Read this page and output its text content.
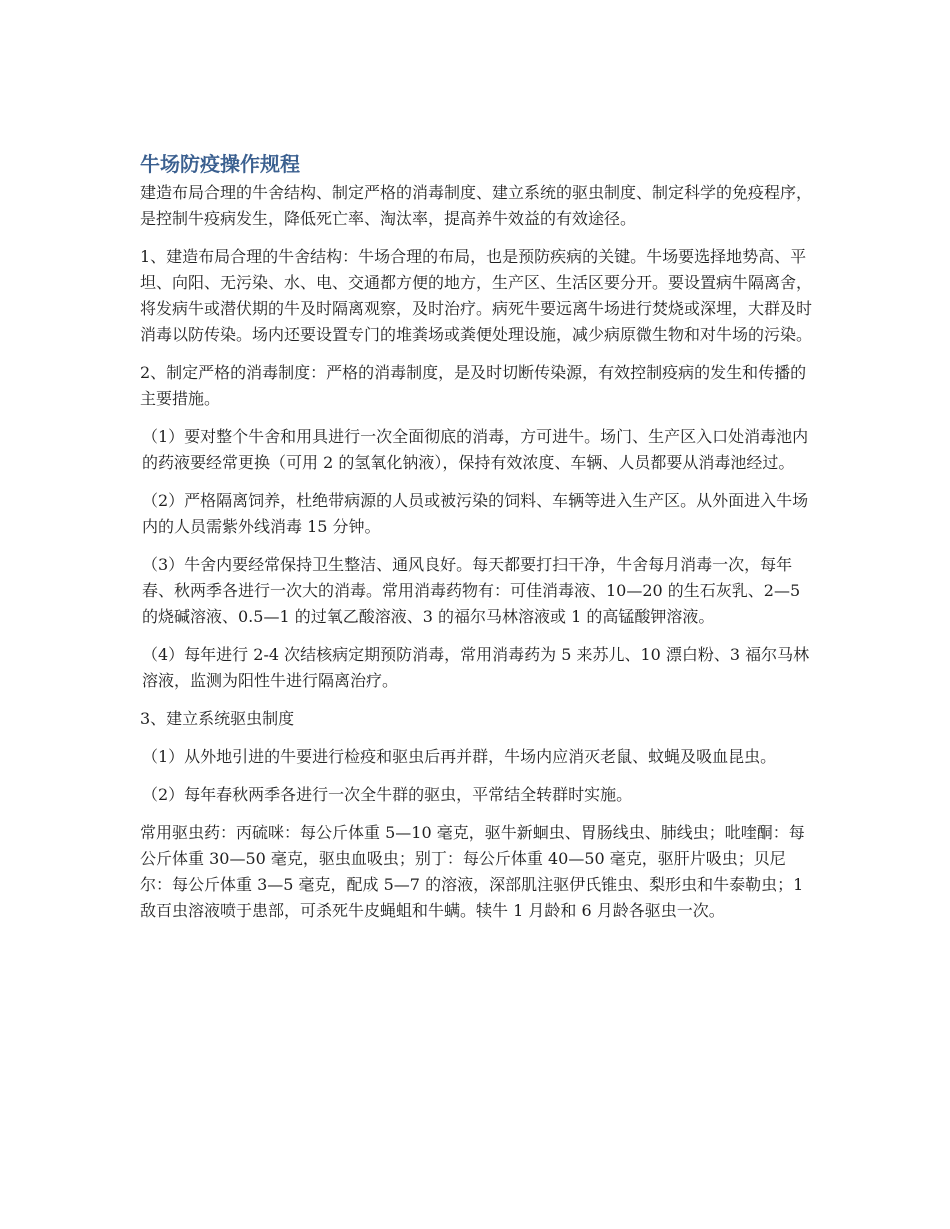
牛场防疫操作规程

建造布局合理的牛舍结构、制定严格的消毒制度、建立系统的驱虫制度、制定科学的免疫程序，是控制牛疫病发生，降低死亡率、淘汰率，提高养牛效益的有效途径。

1、建造布局合理的牛舍结构：牛场合理的布局，也是预防疾病的关键。牛场要选择地势高、平坦、向阳、无污染、水、电、交通都方便的地方，生产区、生活区要分开。要设置病牛隔离舍，将发病牛或潜伏期的牛及时隔离观察，及时治疗。病死牛要远离牛场进行焚烧或深埋，大群及时消毒以防传染。场内还要设置专门的堆粪场或粪便处理设施，减少病原微生物和对牛场的污染。

2、制定严格的消毒制度：严格的消毒制度，是及时切断传染源，有效控制疫病的发生和传播的主要措施。

（1）要对整个牛舍和用具进行一次全面彻底的消毒，方可进牛。场门、生产区入口处消毒池内的药液要经常更换（可用 2 的氢氧化钠液），保持有效浓度、车辆、人员都要从消毒池经过。

（2）严格隔离饲养，杜绝带病源的人员或被污染的饲料、车辆等进入生产区。从外面进入牛场内的人员需紫外线消毒 15 分钟。

（3）牛舍内要经常保持卫生整洁、通风良好。每天都要打扫干净，牛舍每月消毒一次，每年春、秋两季各进行一次大的消毒。常用消毒药物有：可佳消毒液、10—20 的生石灰乳、2—5 的烧碱溶液、0.5—1 的过氧乙酸溶液、3 的福尔马林溶液或 1 的高锰酸钾溶液。

（4）每年进行 2-4 次结核病定期预防消毒，常用消毒药为 5 来苏儿、10 漂白粉、3 福尔马林溶液，监测为阳性牛进行隔离治疗。

3、建立系统驱虫制度

（1）从外地引进的牛要进行检疫和驱虫后再并群，牛场内应消灭老鼠、蚊蝇及吸血昆虫。

（2）每年春秋两季各进行一次全牛群的驱虫，平常结全转群时实施。

常用驱虫药：丙硫咪：每公斤体重 5—10 毫克，驱牛新蛔虫、胃肠线虫、肺线虫；吡喹酮：每公斤体重 30—50 毫克，驱虫血吸虫；别丁：每公斤体重 40—50 毫克，驱肝片吸虫；贝尼尔：每公斤体重 3—5 毫克，配成 5—7 的溶液，深部肌注驱伊氏锥虫、梨形虫和牛泰勒虫；1 敌百虫溶液喷于患部，可杀死牛皮蝇蛆和牛螨。犊牛 1 月龄和 6 月龄各驱虫一次。
